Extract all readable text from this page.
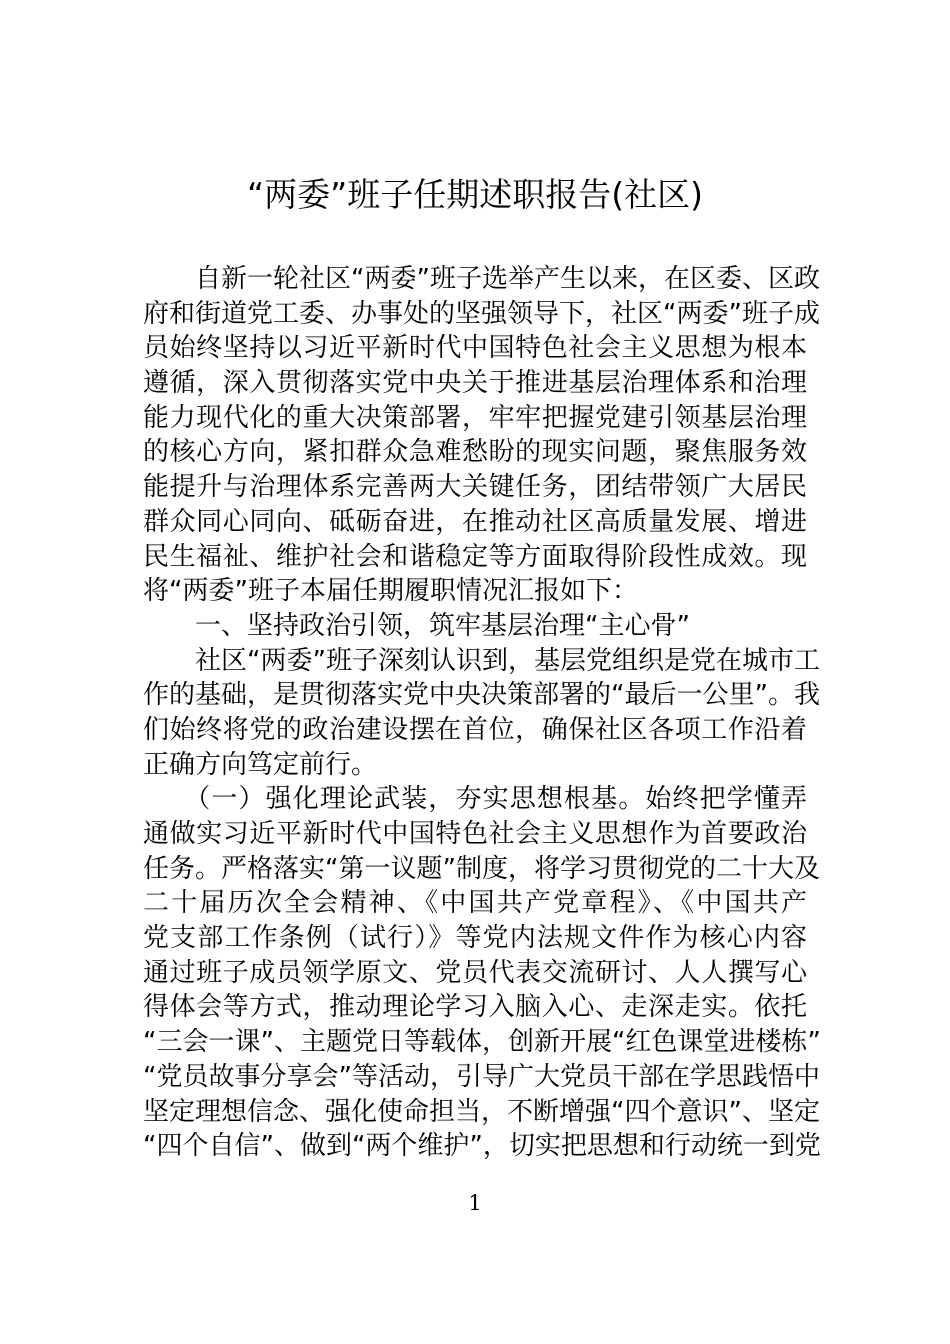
“两委”班子任期述职报告(社区)
　　自新一轮社区“两委”班子选举产生以来，在区委、区政
府和街道党工委、办事处的坚强领导下，社区“两委”班子成
员始终坚持以习近平新时代中国特色社会主义思想为根本
遵循，深入贯彻落实党中央关于推进基层治理体系和治理
能力现代化的重大决策部署，牢牢把握党建引领基层治理
的核心方向，紧扣群众急难愁盼的现实问题，聚焦服务效
能提升与治理体系完善两大关键任务，团结带领广大居民
群众同心同向、砥砺奋进，在推动社区高质量发展、增进
民生福祉、维护社会和谐稳定等方面取得阶段性成效。现
将“两委”班子本届任期履职情况汇报如下：
　　一、坚持政治引领，筑牢基层治理“主心骨”
　　社区“两委”班子深刻认识到，基层党组织是党在城市工
作的基础，是贯彻落实党中央决策部署的“最后一公里”。我
们始终将党的政治建设摆在首位，确保社区各项工作沿着
正确方向笃定前行。
　　（一）强化理论武装，夯实思想根基。始终把学懂弄
通做实习近平新时代中国特色社会主义思想作为首要政治
任务。严格落实“第一议题”制度，将学习贯彻党的二十大及
二十届历次全会精神、《中国共产党章程》、《中国共产
党支部工作条例（试行）》等党内法规文件作为核心内容
通过班子成员领学原文、党员代表交流研讨、人人撰写心
得体会等方式，推动理论学习入脑入心、走深走实。依托
“三会一课”、主题党日等载体，创新开展“红色课堂进楼栋”
“党员故事分享会”等活动，引导广大党员干部在学思践悟中
坚定理想信念、强化使命担当，不断增强“四个意识”、坚定
“四个自信”、做到“两个维护”，切实把思想和行动统一到党
1
